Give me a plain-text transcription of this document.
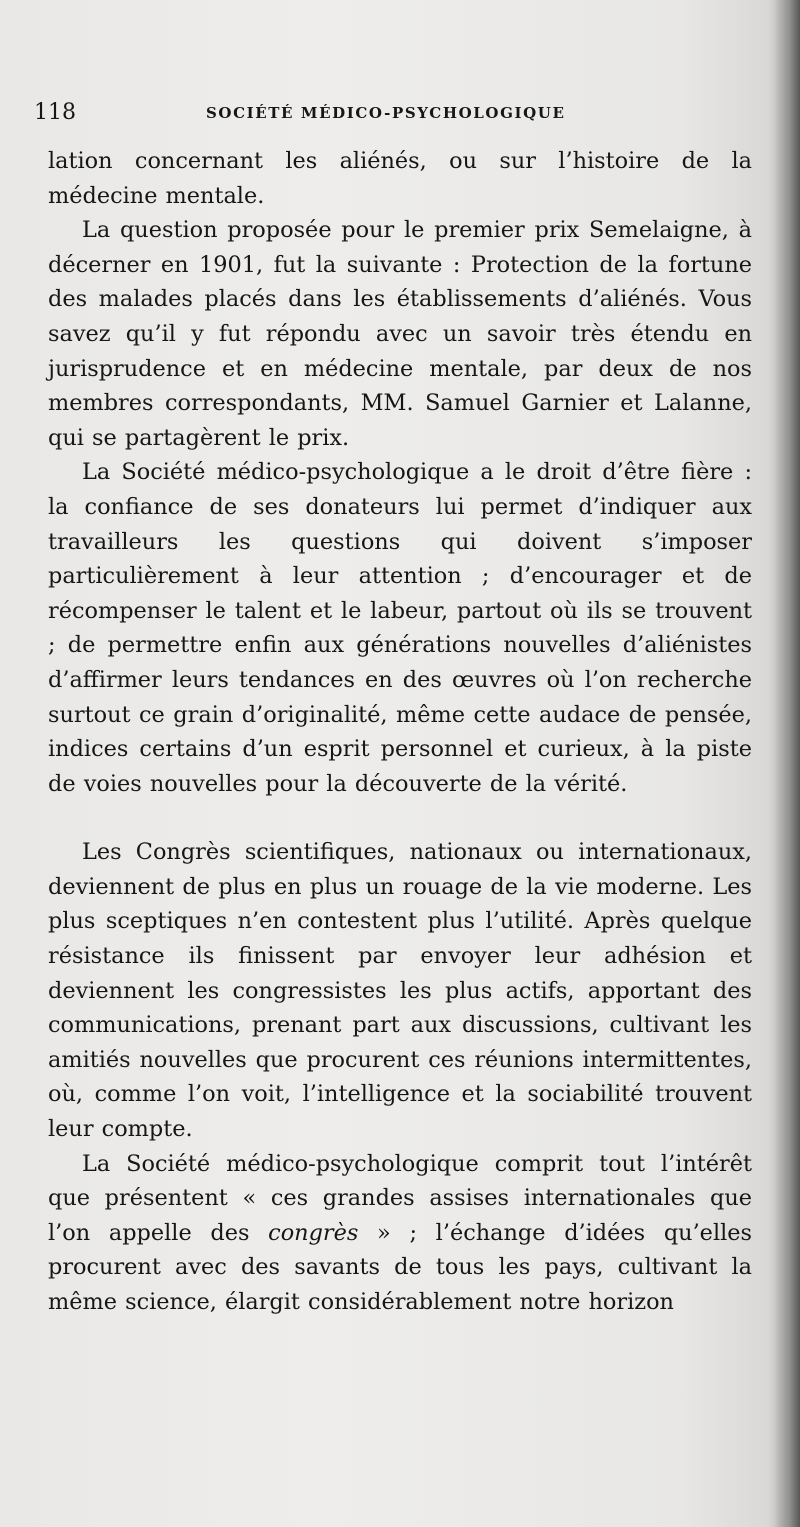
118	SOCIÉTÉ MÉDICO-PSYCHOLOGIQUE

lation concernant les aliénés, ou sur l’histoire de la médecine mentale.

La question proposée pour le premier prix Semelaigne, à décerner en 1901, fut la suivante : Protection de la fortune des malades placés dans les établissements d’aliénés. Vous savez qu’il y fut répondu avec un savoir très étendu en jurisprudence et en médecine mentale, par deux de nos membres correspondants, MM. Samuel Garnier et Lalanne, qui se partagèrent le prix.

La Société médico-psychologique a le droit d’être fière : la confiance de ses donateurs lui permet d’indiquer aux travailleurs les questions qui doivent s’imposer particulièrement à leur attention ; d’encourager et de récompenser le talent et le labeur, partout où ils se trouvent ; de permettre enfin aux générations nouvelles d’aliénistes d’affirmer leurs tendances en des œuvres où l’on recherche surtout ce grain d’originalité, même cette audace de pensée, indices certains d’un esprit personnel et curieux, à la piste de voies nouvelles pour la découverte de la vérité.

Les Congrès scientifiques, nationaux ou internationaux, deviennent de plus en plus un rouage de la vie moderne. Les plus sceptiques n’en contestent plus l’utilité. Après quelque résistance ils finissent par envoyer leur adhésion et deviennent les congressistes les plus actifs, apportant des communications, prenant part aux discussions, cultivant les amitiés nouvelles que procurent ces réunions intermittentes, où, comme l’on voit, l’intelligence et la sociabilité trouvent leur compte.

La Société médico-psychologique comprit tout l’intérêt que présentent « ces grandes assises internationales que l’on appelle des congrès » ; l’échange d’idées qu’elles procurent avec des savants de tous les pays, cultivant la même science, élargit considérablement notre horizon
